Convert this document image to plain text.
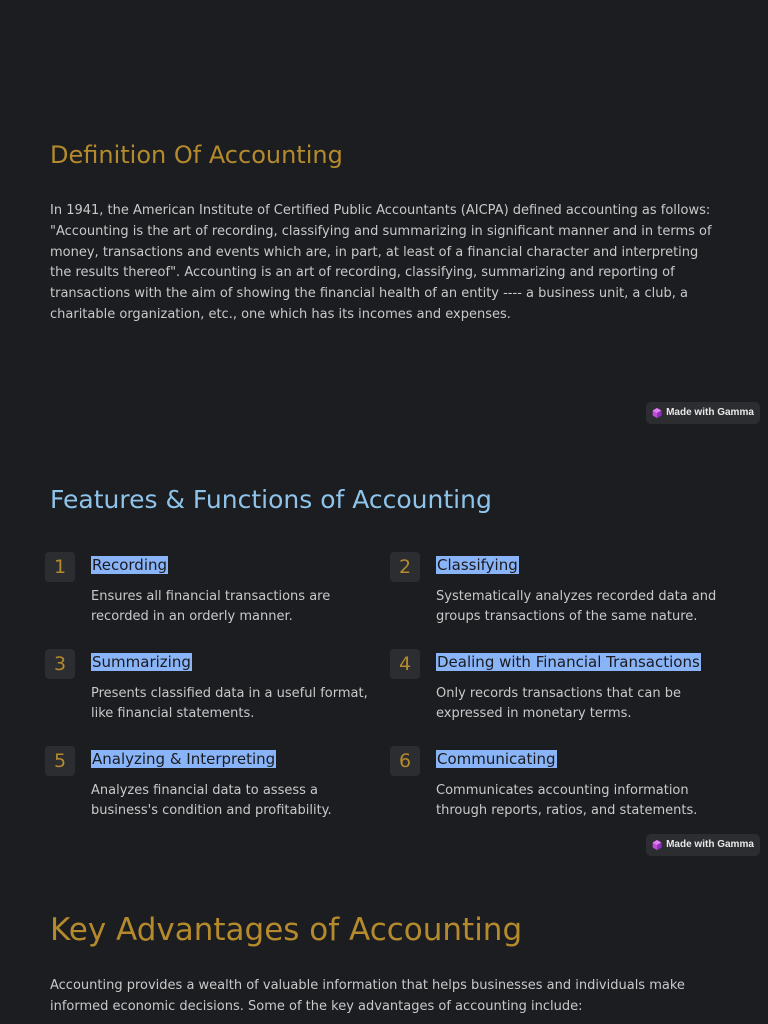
Definition Of Accounting

In 1941, the American Institute of Certified Public Accountants (AICPA) defined accounting as follows: "Accounting is the art of recording, classifying and summarizing in significant manner and in terms of money, transactions and events which are, in part, at least of a financial character and interpreting the results thereof". Accounting is an art of recording, classifying, summarizing and reporting of transactions with the aim of showing the financial health of an entity ---- a business unit, a club, a charitable organization, etc., one which has its incomes and expenses.

Made with Gamma
Features & Functions of Accounting
1	Recording

Ensures all financial transactions are recorded in an orderly manner.

2	Classifying

Systematically analyzes recorded data and groups transactions of the same nature.

3	Summarizing

Presents classified data in a useful format, like financial statements.

4	Dealing with Financial Transactions

Only records transactions that can be expressed in monetary terms.

5	Analyzing & Interpreting

Analyzes financial data to assess a business's condition and profitability.

6	Communicating

Communicates accounting information through reports, ratios, and statements.

Made with Gamma
Key Advantages of Accounting

Accounting provides a wealth of valuable information that helps businesses and individuals make informed economic decisions. Some of the key advantages of accounting include:
